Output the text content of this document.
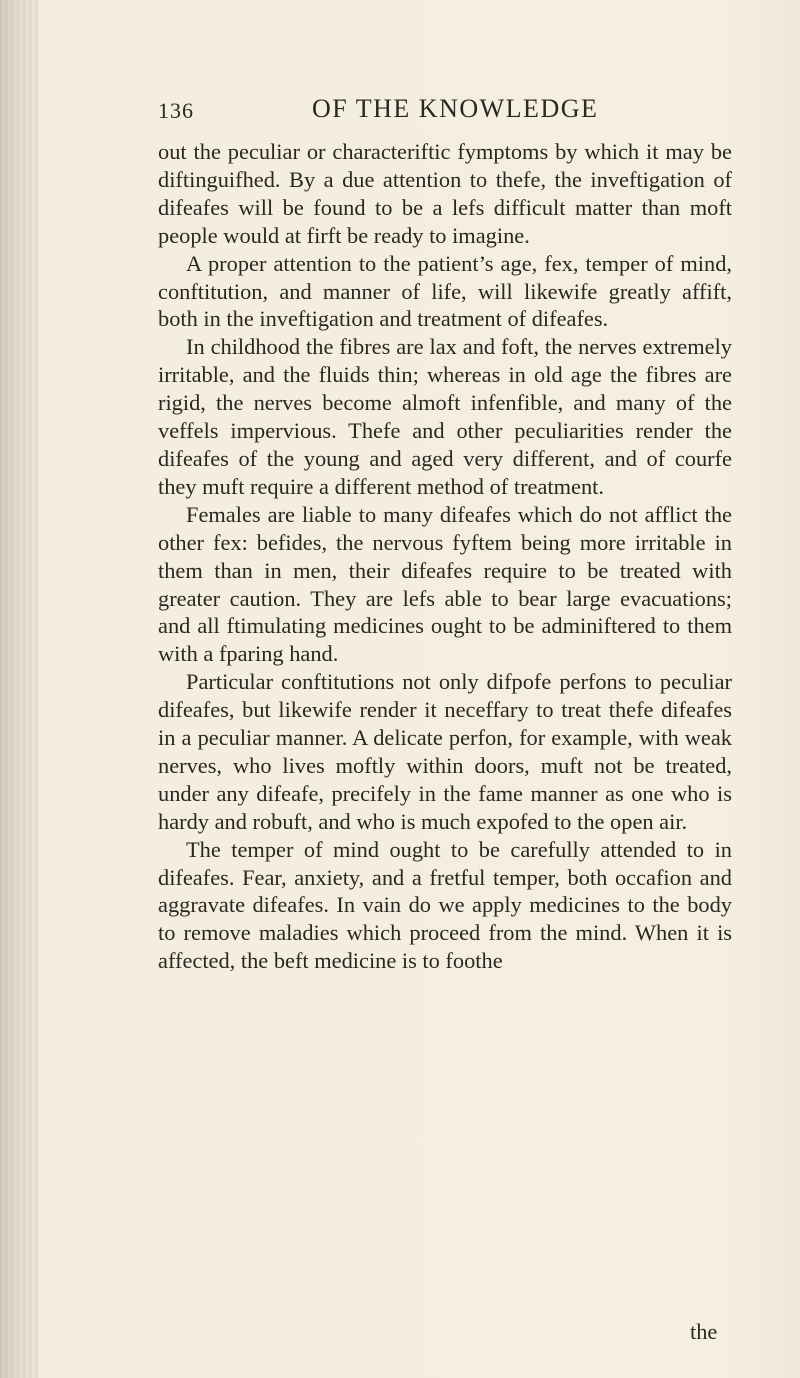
136	OF THE KNOWLEDGE

out the peculiar or characteriftic fymptoms by which it may be diftinguifhed. By a due attention to thefe, the inveftigation of difeafes will be found to be a lefs difficult matter than moft people would at firft be ready to imagine.

A proper attention to the patient’s age, fex, temper of mind, conftitution, and manner of life, will likewife greatly affift, both in the inveftigation and treatment of difeafes.

In childhood the fibres are lax and foft, the nerves extremely irritable, and the fluids thin; whereas in old age the fibres are rigid, the nerves become almoft infenfible, and many of the veffels impervious. Thefe and other peculiarities render the difeafes of the young and aged very different, and of courfe they muft require a different method of treatment.

Females are liable to many difeafes which do not afflict the other fex: befides, the nervous fyftem being more irritable in them than in men, their difeafes require to be treated with greater caution. They are lefs able to bear large evacuations; and all ftimulating medicines ought to be adminiftered to them with a fparing hand.

Particular conftitutions not only difpofe perfons to peculiar difeafes, but likewife render it neceffary to treat thefe difeafes in a peculiar manner. A delicate perfon, for example, with weak nerves, who lives moftly within doors, muft not be treated, under any difeafe, precifely in the fame manner as one who is hardy and robuft, and who is much expofed to the open air.

The temper of mind ought to be carefully attended to in difeafes. Fear, anxiety, and a fretful temper, both occafion and aggravate difeafes. In vain do we apply medicines to the body to remove maladies which proceed from the mind. When it is affected, the beft medicine is to foothe

the
